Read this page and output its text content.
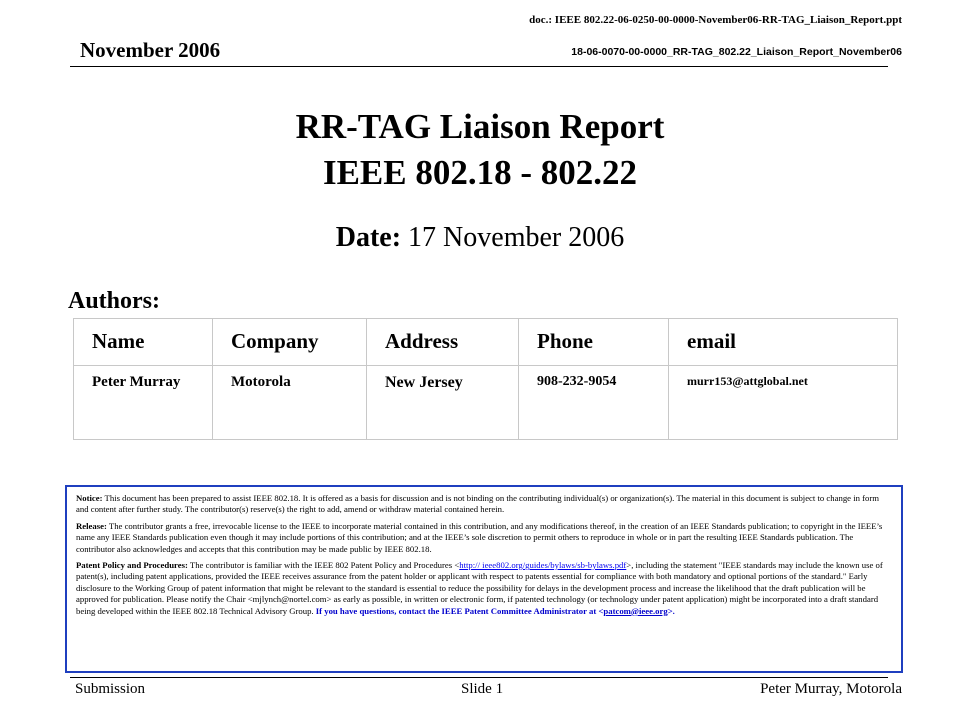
doc.: IEEE 802.22-06-0250-00-0000-November06-RR-TAG_Liaison_Report.ppt
November 2006	18-06-0070-00-0000_RR-TAG_802.22_Liaison_Report_November06
RR-TAG Liaison Report
IEEE 802.18 - 802.22
Date: 17 November 2006
Authors:
Name	Company	Address	Phone	email
Peter Murray	Motorola	New Jersey	908-232-9054	murr153@attglobal.net

Notice: This document has been prepared to assist IEEE 802.18. It is offered as a basis for discussion and is not binding on the contributing individual(s) or organization(s). The material in this document is subject to change in form and content after further study. The contributor(s) reserve(s) the right to add, amend or withdraw material contained herein.

Release: The contributor grants a free, irrevocable license to the IEEE to incorporate material contained in this contribution, and any modifications thereof, in the creation of an IEEE Standards publication; to copyright in the IEEE’s name any IEEE Standards publication even though it may include portions of this contribution; and at the IEEE’s sole discretion to permit others to reproduce in whole or in part the resulting IEEE Standards publication. The contributor also acknowledges and accepts that this contribution may be made public by IEEE 802.18.

Patent Policy and Procedures: The contributor is familiar with the IEEE 802 Patent Policy and Procedures <http:// ieee802.org/guides/bylaws/sb-bylaws.pdf>, including the statement "IEEE standards may include the known use of patent(s), including patent applications, provided the IEEE receives assurance from the patent holder or applicant with respect to patents essential for compliance with both mandatory and optional portions of the standard." Early disclosure to the Working Group of patent information that might be relevant to the standard is essential to reduce the possibility for delays in the development process and increase the likelihood that the draft publication will be approved for publication. Please notify the Chair <mjlynch@nortel.com> as early as possible, in written or electronic form, if patented technology (or technology under patent application) might be incorporated into a draft standard being developed within the IEEE 802.18 Technical Advisory Group. If you have questions, contact the IEEE Patent Committee Administrator at <patcom@ieee.org>.

Submission	Slide 1	Peter Murray, Motorola
